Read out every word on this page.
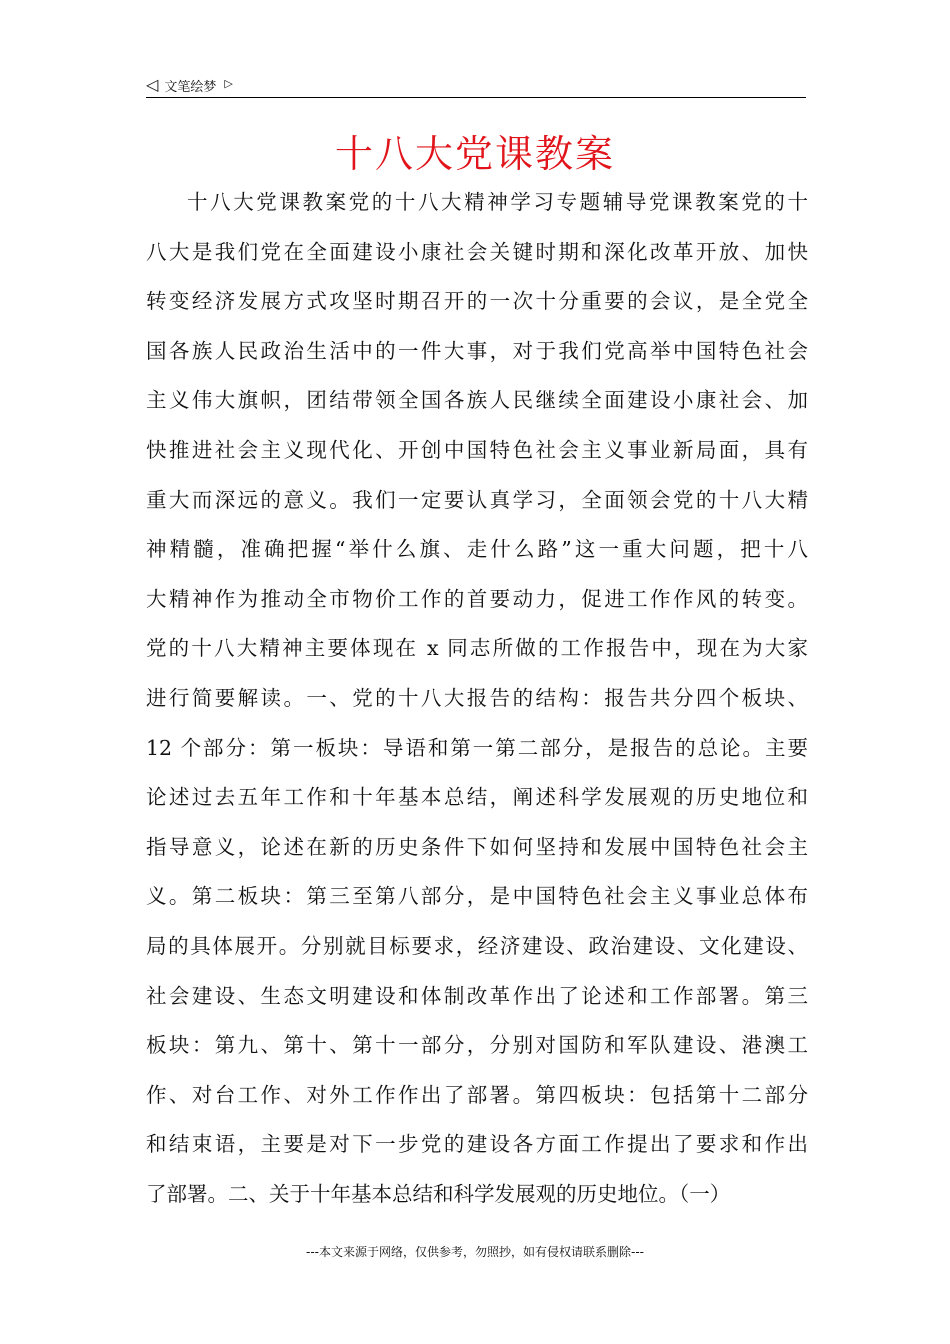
◁ 文笔绘梦 ▷
十八大党课教案
十八大党课教案党的十八大精神学习专题辅导党课教案党的十
八大是我们党在全面建设小康社会关键时期和深化改革开放、加快
转变经济发展方式攻坚时期召开的一次十分重要的会议，是全党全
国各族人民政治生活中的一件大事，对于我们党高举中国特色社会
主义伟大旗帜，团结带领全国各族人民继续全面建设小康社会、加
快推进社会主义现代化、开创中国特色社会主义事业新局面，具有
重大而深远的意义。我们一定要认真学习，全面领会党的十八大精
神精髓，准确把握“举什么旗、走什么路”这一重大问题，把十八
大精神作为推动全市物价工作的首要动力，促进工作作风的转变。
党的十八大精神主要体现在 x 同志所做的工作报告中，现在为大家
进行简要解读。一、党的十八大报告的结构：报告共分四个板块、
12 个部分：第一板块：导语和第一第二部分，是报告的总论。主要
论述过去五年工作和十年基本总结，阐述科学发展观的历史地位和
指导意义，论述在新的历史条件下如何坚持和发展中国特色社会主
义。第二板块：第三至第八部分，是中国特色社会主义事业总体布
局的具体展开。分别就目标要求，经济建设、政治建设、文化建设、
社会建设、生态文明建设和体制改革作出了论述和工作部署。第三
板块：第九、第十、第十一部分，分别对国防和军队建设、港澳工
作、对台工作、对外工作作出了部署。第四板块：包括第十二部分
和结束语，主要是对下一步党的建设各方面工作提出了要求和作出
了部署。二、关于十年基本总结和科学发展观的历史地位。（一）
---本文来源于网络，仅供参考，勿照抄，如有侵权请联系删除---
